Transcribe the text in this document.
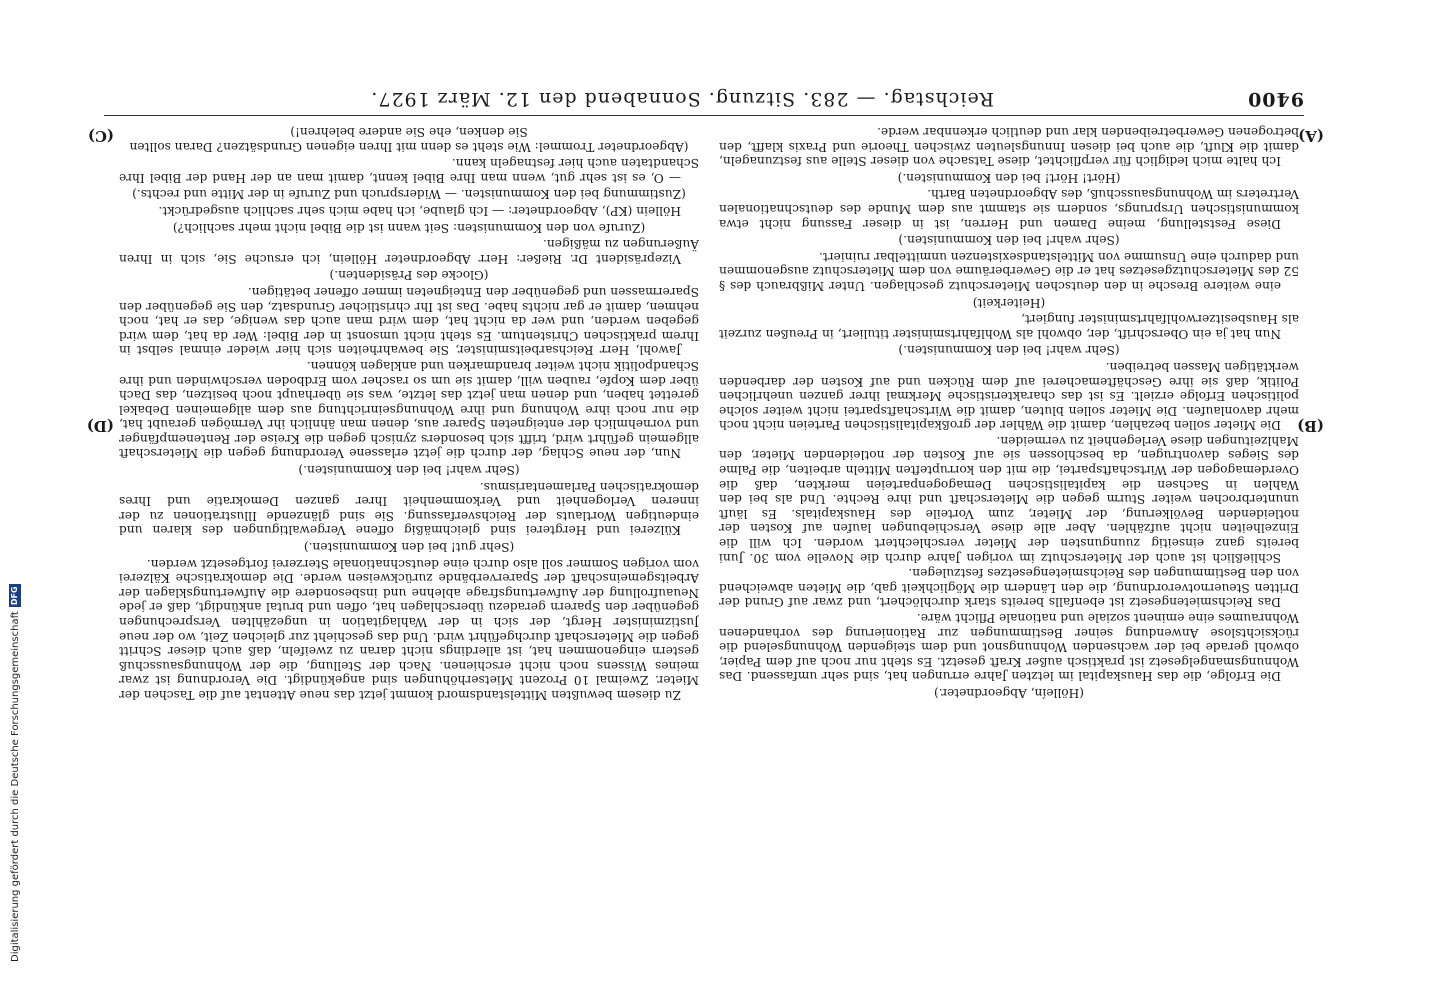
9400
Reichstag. — 283. Sitzung. Sonnabend den 12. März 1927.
(A)
(B)
(C)
(D)

(Hölleín, Abgeordneter.)

Die Erfolge, die das Hauskapital im letzten Jahre errungen hat, sind sehr umfassend. Das Wohnungsmangelgesetz ist praktisch außer Kraft gesetzt. Es steht nur noch auf dem Papier, obwohl gerade bei der wachsenden Wohnungsnot und dem steigenden Wohnungselend die rücksichtslose Anwendung seiner Bestimmungen zur Rationierung des vorhandenen Wohnraumes eine eminent soziale und nationale Pflicht wäre.

Das Reichsmietengesetz ist ebenfalls bereits stark durchlöchert, und zwar auf Grund der Dritten Steuernotverordnung, die den Ländern die Möglichkeit gab, die Mieten abweichend von den Bestimmungen des Reichsmietengesetzes festzulegen.

Schließlich ist auch der Mieterschutz im vorigen Jahre durch die Novelle vom 30. Juni bereits ganz einseitig zuungunsten der Mieter verschlechtert worden. Ich will die Einzelheiten nicht aufzählen. Aber alle diese Verschiebungen laufen auf Kosten der notleidenden Bevölkerung, der Mieter, zum Vorteile des Hauskapitals. Es läuft ununterbrochen weiter Sturm gegen die Mieterschaft und ihre Rechte. Und als bei den Wahlen in Sachsen die kapitalistischen Demagogenparteien merkten, daß die Overdemagogen der Wirtschaftspartei, die mit den korrupteften Mitteln arbeiten, die Palme des Sieges davontrugen, da beschlossen sie auf Kosten der notleidenden Mieter, den Mahlzeitungen diese Verlegenheit zu vermeiden.

Die Mieter sollen bezahlen, damit die Wähler der großkapitalistischen Parteien nicht noch mehr davonlaufen. Die Mieter sollen bluten, damit die Wirtschaftspartei nicht weiter solche politischen Erfolge erzielt. Es ist das charakteristische Merkmal ihrer ganzen unehrlichen Politik, daß sie ihre Geschäftemacherei auf dem Rücken und auf Kosten der darbenden werktätigen Massen betreiben.

(Sehr wahr! bei den Kommunisten.)

Nun hat ja ein Oberschrift, der, obwohl als Wohlfahrtsminister tituliert, in Preußen zurzeit als Hausbesitzerwohlfahrtsminister fungiert,

(Heiterkeit)

eine weitere Bresche in den deutschen Mieterschutz geschlagen. Unter Mißbrauch des § 52 des Mieterschutzgesetzes hat er die Gewerberäume von dem Mieterschutz ausgenommen und dadurch eine Unsumme von Mittelstandsexistenzen unmittelbar ruiniert.

(Sehr wahr! bei den Kommunisten.)

Diese Feststellung, meine Damen und Herren, ist in dieser Fassung nicht etwa kommunistischen Ursprungs, sondern sie stammt aus dem Munde des deutschnationalen Vertreters im Wohnungsausschuß, des Abgeordneten Barth.

(Hört! Hört! bei den Kommunisten.)

Ich halte mich lediglich für verpflichtet, diese Tatsache von dieser Stelle aus festzunageln, damit die Kluft, die auch bei diesen Innungsleuten zwischen Theorie und Praxis klafft, den betrogenen Gewerbetreibenden klar und deutlich erkennbar werde.

Zu diesem bewußten Mittelstandsmord kommt jetzt das neue Attentat auf die Taschen der Mieter. Zweimal 10 Prozent Mietserhöhungen sind angekündigt. Die Verordnung ist zwar meines Wissens noch nicht erschienen. Nach der Stellung, die der Wohnungsausschuß gestern eingenommen hat, ist allerdings nicht daran zu zweifeln, daß auch dieser Schritt gegen die Mieterschaft durchgeführt wird. Und das geschieht zur gleichen Zeit, wo der neue Justizminister Hergt, der sich in der Wahlagitation in ungezählten Versprechungen gegenüber den Sparern geradezu überschlagen hat, offen und brutal ankündigt, daß er jede Neuaufrollung der Aufwertungsfrage ablehne und insbesondere die Aufwertungsklagen der Arbeitsgemeinschaft der Sparerverbände zurückweisen werde. Die demokratische Kälzerei vom vorigen Sommer soll also durch eine deutschnationale Sterzerei fortgesetzt werden.

(Sehr gut! bei den Kommunisten.)

Külzerei und Hergterei sind gleichmäßig offene Vergewaltigungen des klaren und eindeutigen Wortlauts der Reichsverfassung. Sie sind glänzende Illustrationen zu der inneren Verlogenheit und Verkommenheit Ihrer ganzen Demokratie und Ihres demokratischen Parlamentarismus.

(Sehr wahr! bei den Kommunisten.)

Nun, der neue Schlag, der durch die jetzt erlassene Verordnung gegen die Mieterschaft allgemein geführt wird, trifft sich besonders zynisch gegen die Kreise der Rentenempfänger und vornehmlich der enteigneten Sparer aus, denen man ähnlich ihr Vermögen geraubt hat, die nur noch ihre Wohnung und ihre Wohnungseinrichtung aus dem allgemeinen Debakel gerettet haben, und denen man jetzt das letzte, was sie überhaupt noch besitzen, das Dach über dem Kopfe, rauben will, damit sie um so rascher vom Erdboden verschwinden und ihre Schandpolitik nicht weiter brandmarken und anklagen können.

Jawohl, Herr Reichsarbeitsminister, Sie bewahrheiten sich hier wieder einmal selbst in Ihrem praktischen Christentum. Es steht nicht umsonst in der Bibel: Wer da hat, dem wird gegeben werden, und wer da nicht hat, dem wird man auch das wenige, das er hat, noch nehmen, damit er gar nichts habe. Das ist Ihr christlicher Grundsatz, den Sie gegenüber den Sparermassen und gegenüber den Enteigneten immer offener betätigen.

(Glocke des Präsidenten.)

Vizepräsident Dr. Rießer: Herr Abgeordneter Höllein, ich ersuche Sie, sich in Ihren Äußerungen zu mäßigen.

(Zurufe von den Kommunisten: Seit wann ist die Bibel nicht mehr sachlich?)

Höllein (KP), Abgeordneter: — Ich glaube, ich habe mich sehr sachlich ausgedrückt.

(Zustimmung bei den Kommunisten. — Widerspruch und Zurufe in der Mitte und rechts.)

— O, es ist sehr gut, wenn man Ihre Bibel kennt, damit man an der Hand der Bibel Ihre Schandtaten auch hier festnageln kann.

(Abgeordneter Trommel: Wie steht es denn mit Ihren eigenen Grundsätzen? Daran sollten Sie denken, ehe Sie andere belehren!)

Digitalisierung gefördert durch die Deutsche Forschungsgemeinschaft
DFG
